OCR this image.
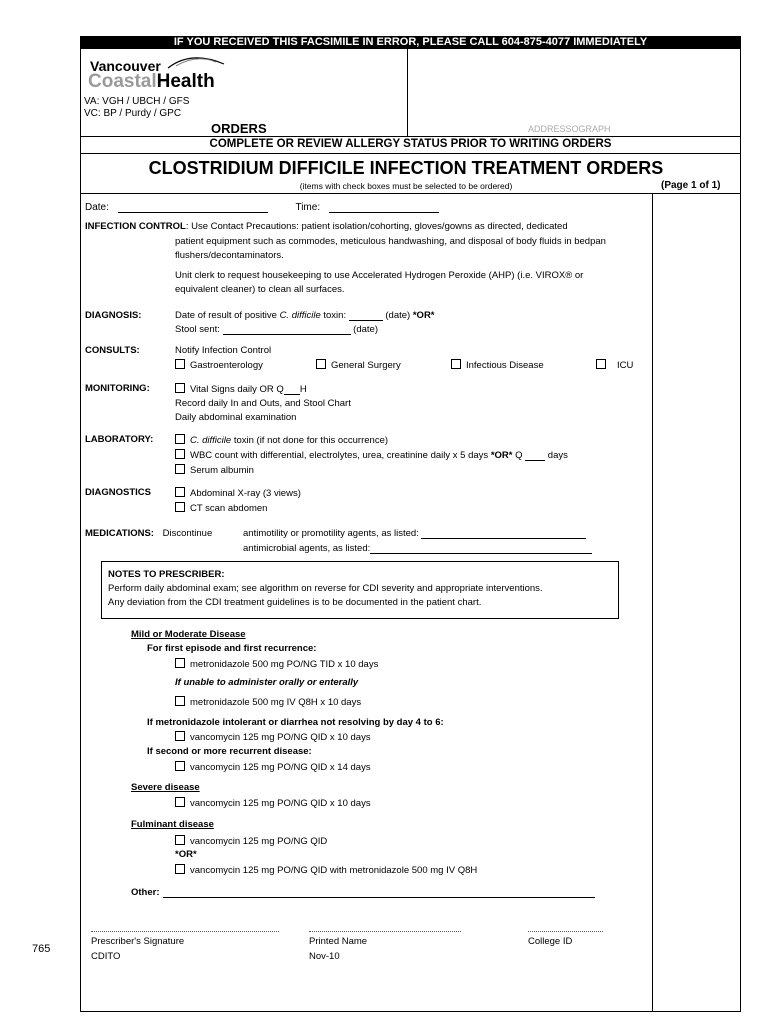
IF YOU RECEIVED THIS FACSIMILE IN ERROR, PLEASE CALL 604-875-4077 IMMEDIATELY
Vancouver
CoastalHealth
VA: VGH / UBCH / GFS
VC: BP / Purdy / GPC
ORDERS	ADDRESSOGRAPH
COMPLETE OR REVIEW ALLERGY STATUS PRIOR TO WRITING ORDERS
CLOSTRIDIUM DIFFICILE INFECTION TREATMENT ORDERS
(items with check boxes must be selected to be ordered)	(Page 1 of 1)
Date:	Time:
INFECTION CONTROL: Use Contact Precautions: patient isolation/cohorting, gloves/gowns as directed, dedicated
patient equipment such as commodes, meticulous handwashing, and disposal of body fluids in bedpan
flushers/decontaminators.
Unit clerk to request housekeeping to use Accelerated Hydrogen Peroxide (AHP) (i.e. VIROX® or
equivalent cleaner) to clean all surfaces.
DIAGNOSIS:	Date of result of positive C. difficile toxin:	(date) *OR*
Stool sent:	(date)
CONSULTS:	Notify Infection Control
Gastroenterology	General Surgery	Infectious Disease	ICU
MONITORING:	Vital Signs daily OR Q H
Record daily In and Outs, and Stool Chart
Daily abdominal examination
LABORATORY:	C. difficile toxin (if not done for this occurrence)
WBC count with differential, electrolytes, urea, creatinine daily x 5 days *OR* Q  days
Serum albumin
DIAGNOSTICS	Abdominal X-ray (3 views)
CT scan abdomen
MEDICATIONS: Discontinue	antimotility or promotility agents, as listed:
antimicrobial agents, as listed:
NOTES TO PRESCRIBER:
Perform daily abdominal exam; see algorithm on reverse for CDI severity and appropriate interventions.
Any deviation from the CDI treatment guidelines is to be documented in the patient chart.
Mild or Moderate Disease
For first episode and first recurrence:
metronidazole 500 mg PO/NG TID x 10 days
If unable to administer orally or enterally
metronidazole 500 mg IV Q8H x 10 days
If metronidazole intolerant or diarrhea not resolving by day 4 to 6:
vancomycin 125 mg PO/NG QID x 10 days
If second or more recurrent disease:
vancomycin 125 mg PO/NG QID x 14 days
Severe disease
vancomycin 125 mg PO/NG QID x 10 days
Fulminant disease
vancomycin 125 mg PO/NG QID
*OR*
vancomycin 125 mg PO/NG QID with metronidazole 500 mg IV Q8H
Other:
Prescriber's Signature	Printed Name	College ID
CDITO	Nov-10
765
